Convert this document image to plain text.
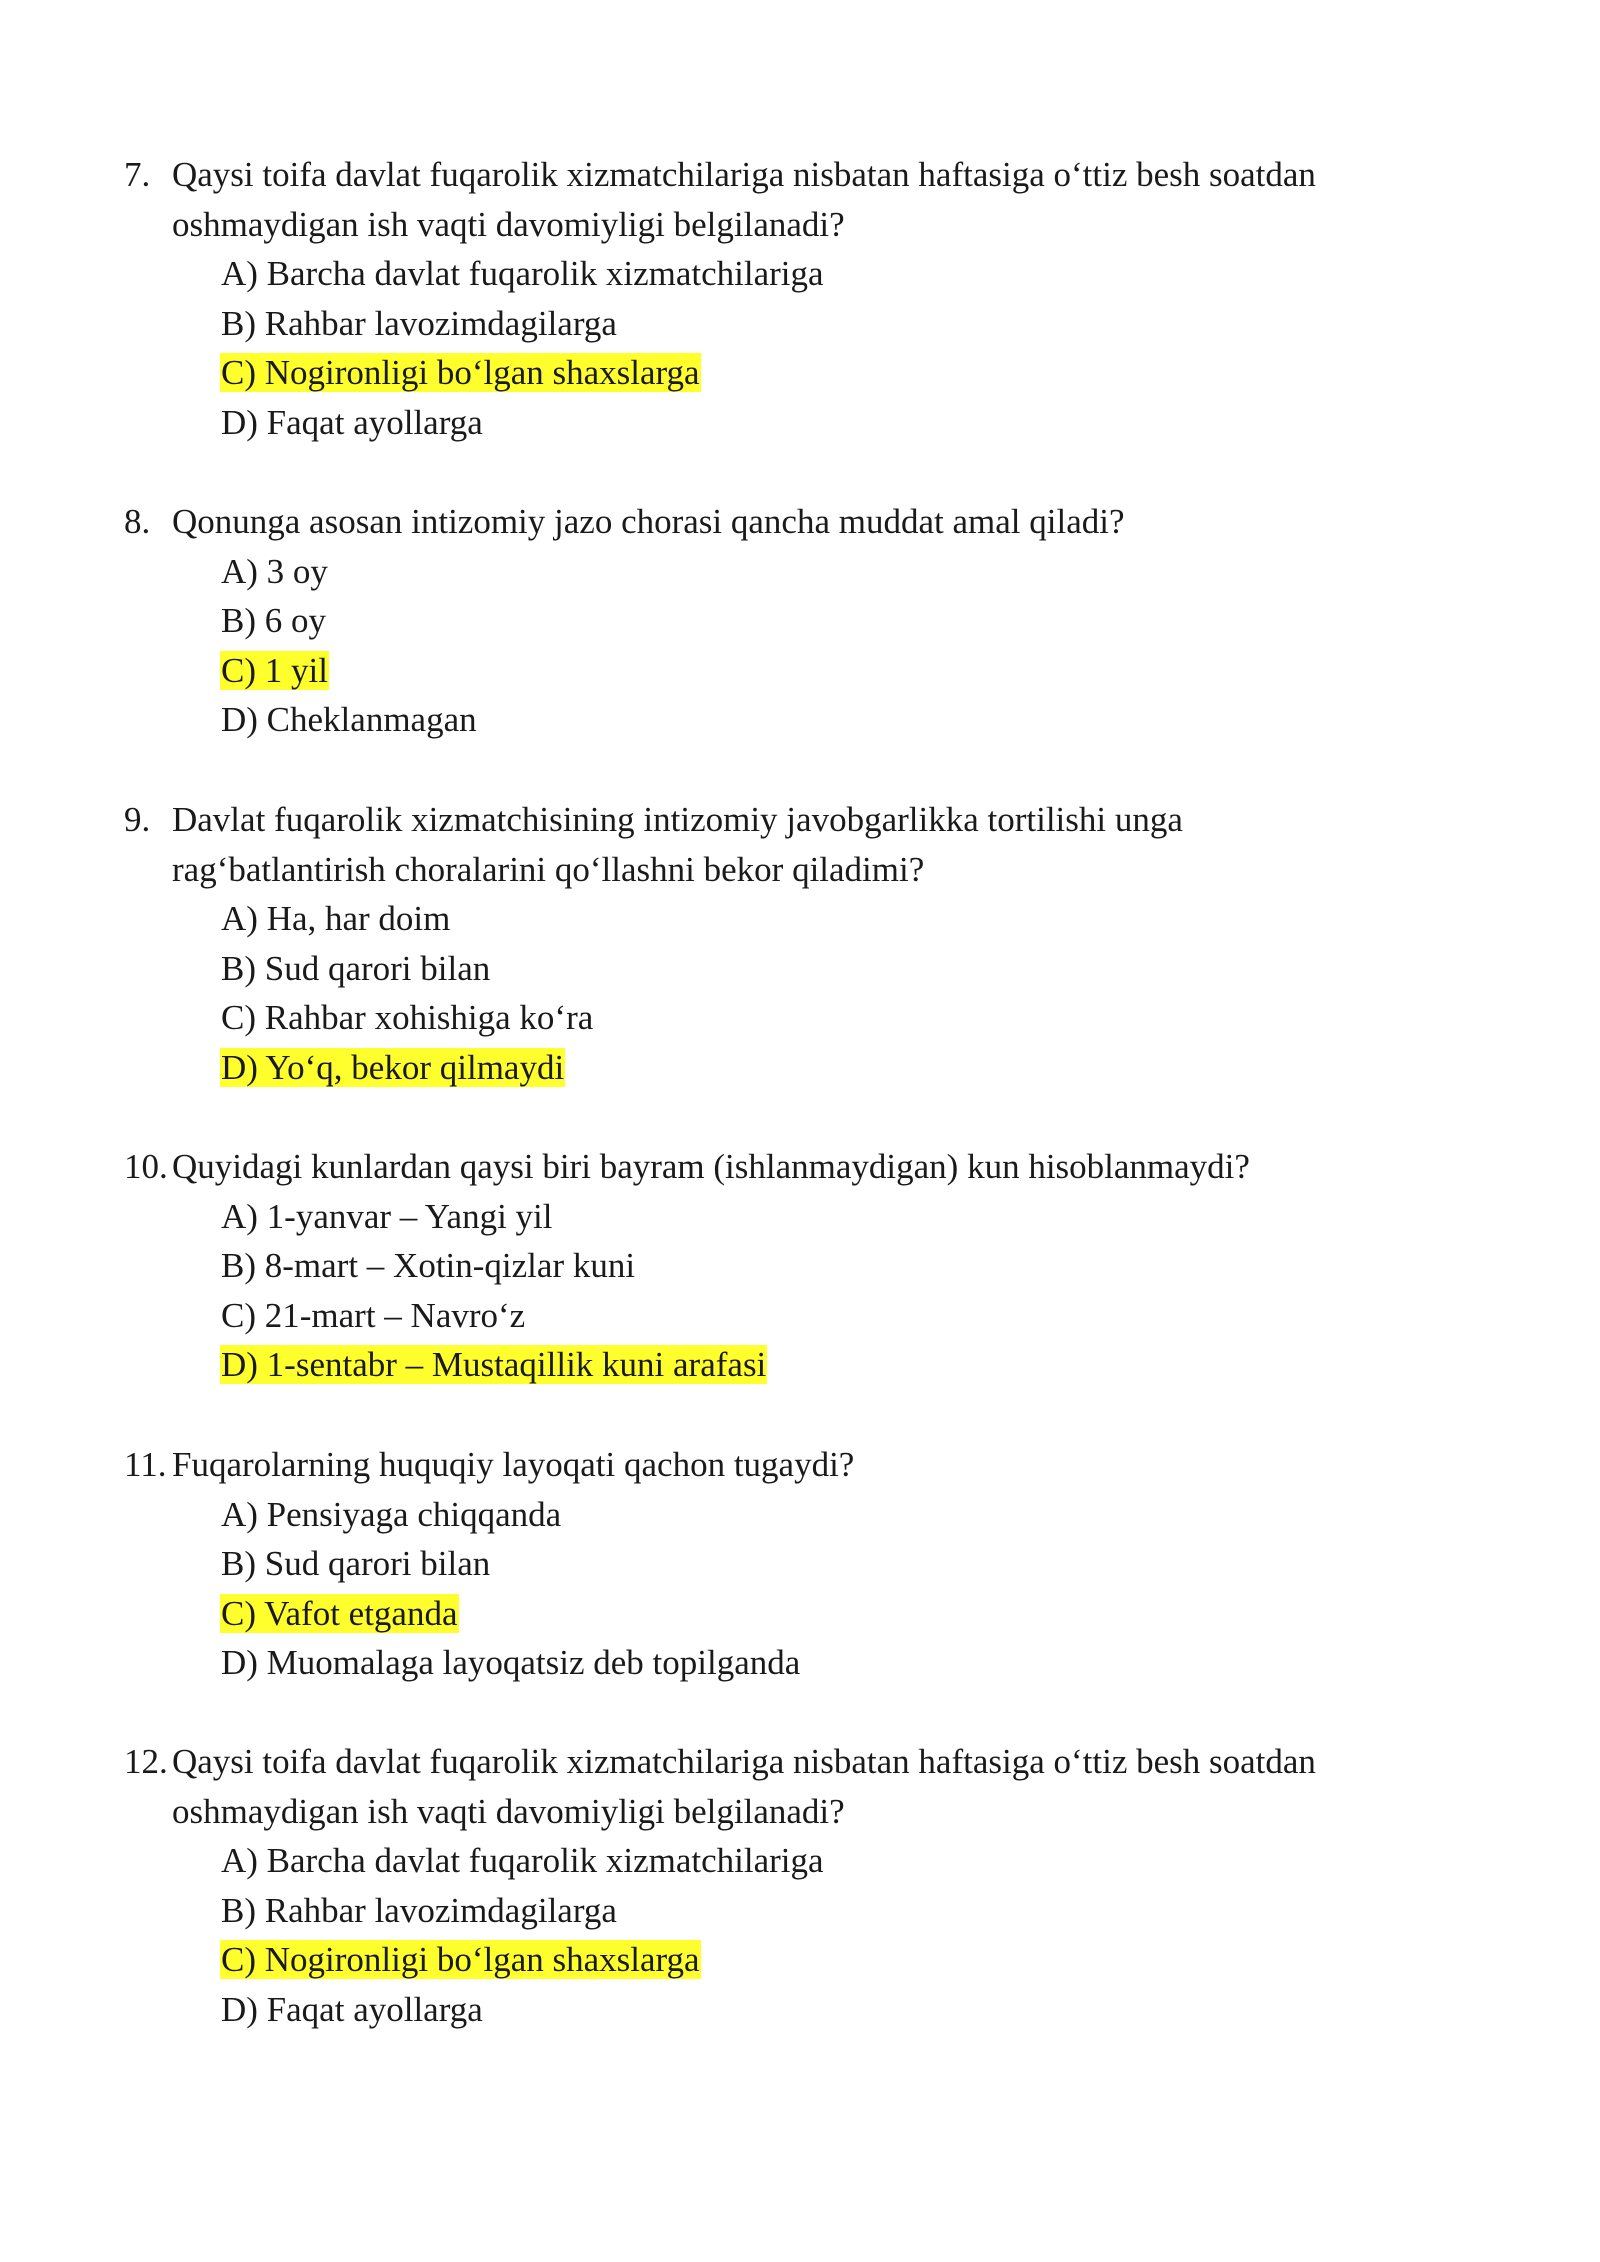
7. Qaysi toifa davlat fuqarolik xizmatchilariga nisbatan haftasiga o‘ttiz besh soatdan
oshmaydigan ish vaqti davomiyligi belgilanadi?
A) Barcha davlat fuqarolik xizmatchilariga
B) Rahbar lavozimdagilarga
C) Nogironligi bo‘lgan shaxslarga
D) Faqat ayollarga
8. Qonunga asosan intizomiy jazo chorasi qancha muddat amal qiladi?
A) 3 oy
B) 6 oy
C) 1 yil
D) Cheklanmagan
9. Davlat fuqarolik xizmatchisining intizomiy javobgarlikka tortilishi unga
rag‘batlantirish choralarini qo‘llashni bekor qiladimi?
A) Ha, har doim
B) Sud qarori bilan
C) Rahbar xohishiga ko‘ra
D) Yo‘q, bekor qilmaydi
10. Quyidagi kunlardan qaysi biri bayram (ishlanmaydigan) kun hisoblanmaydi?
A) 1-yanvar – Yangi yil
B) 8-mart – Xotin-qizlar kuni
C) 21-mart – Navro‘z
D) 1-sentabr – Mustaqillik kuni arafasi
11. Fuqarolarning huquqiy layoqati qachon tugaydi?
A) Pensiyaga chiqqanda
B) Sud qarori bilan
C) Vafot etganda
D) Muomalaga layoqatsiz deb topilganda
12. Qaysi toifa davlat fuqarolik xizmatchilariga nisbatan haftasiga o‘ttiz besh soatdan
oshmaydigan ish vaqti davomiyligi belgilanadi?
A) Barcha davlat fuqarolik xizmatchilariga
B) Rahbar lavozimdagilarga
C) Nogironligi bo‘lgan shaxslarga
D) Faqat ayollarga
